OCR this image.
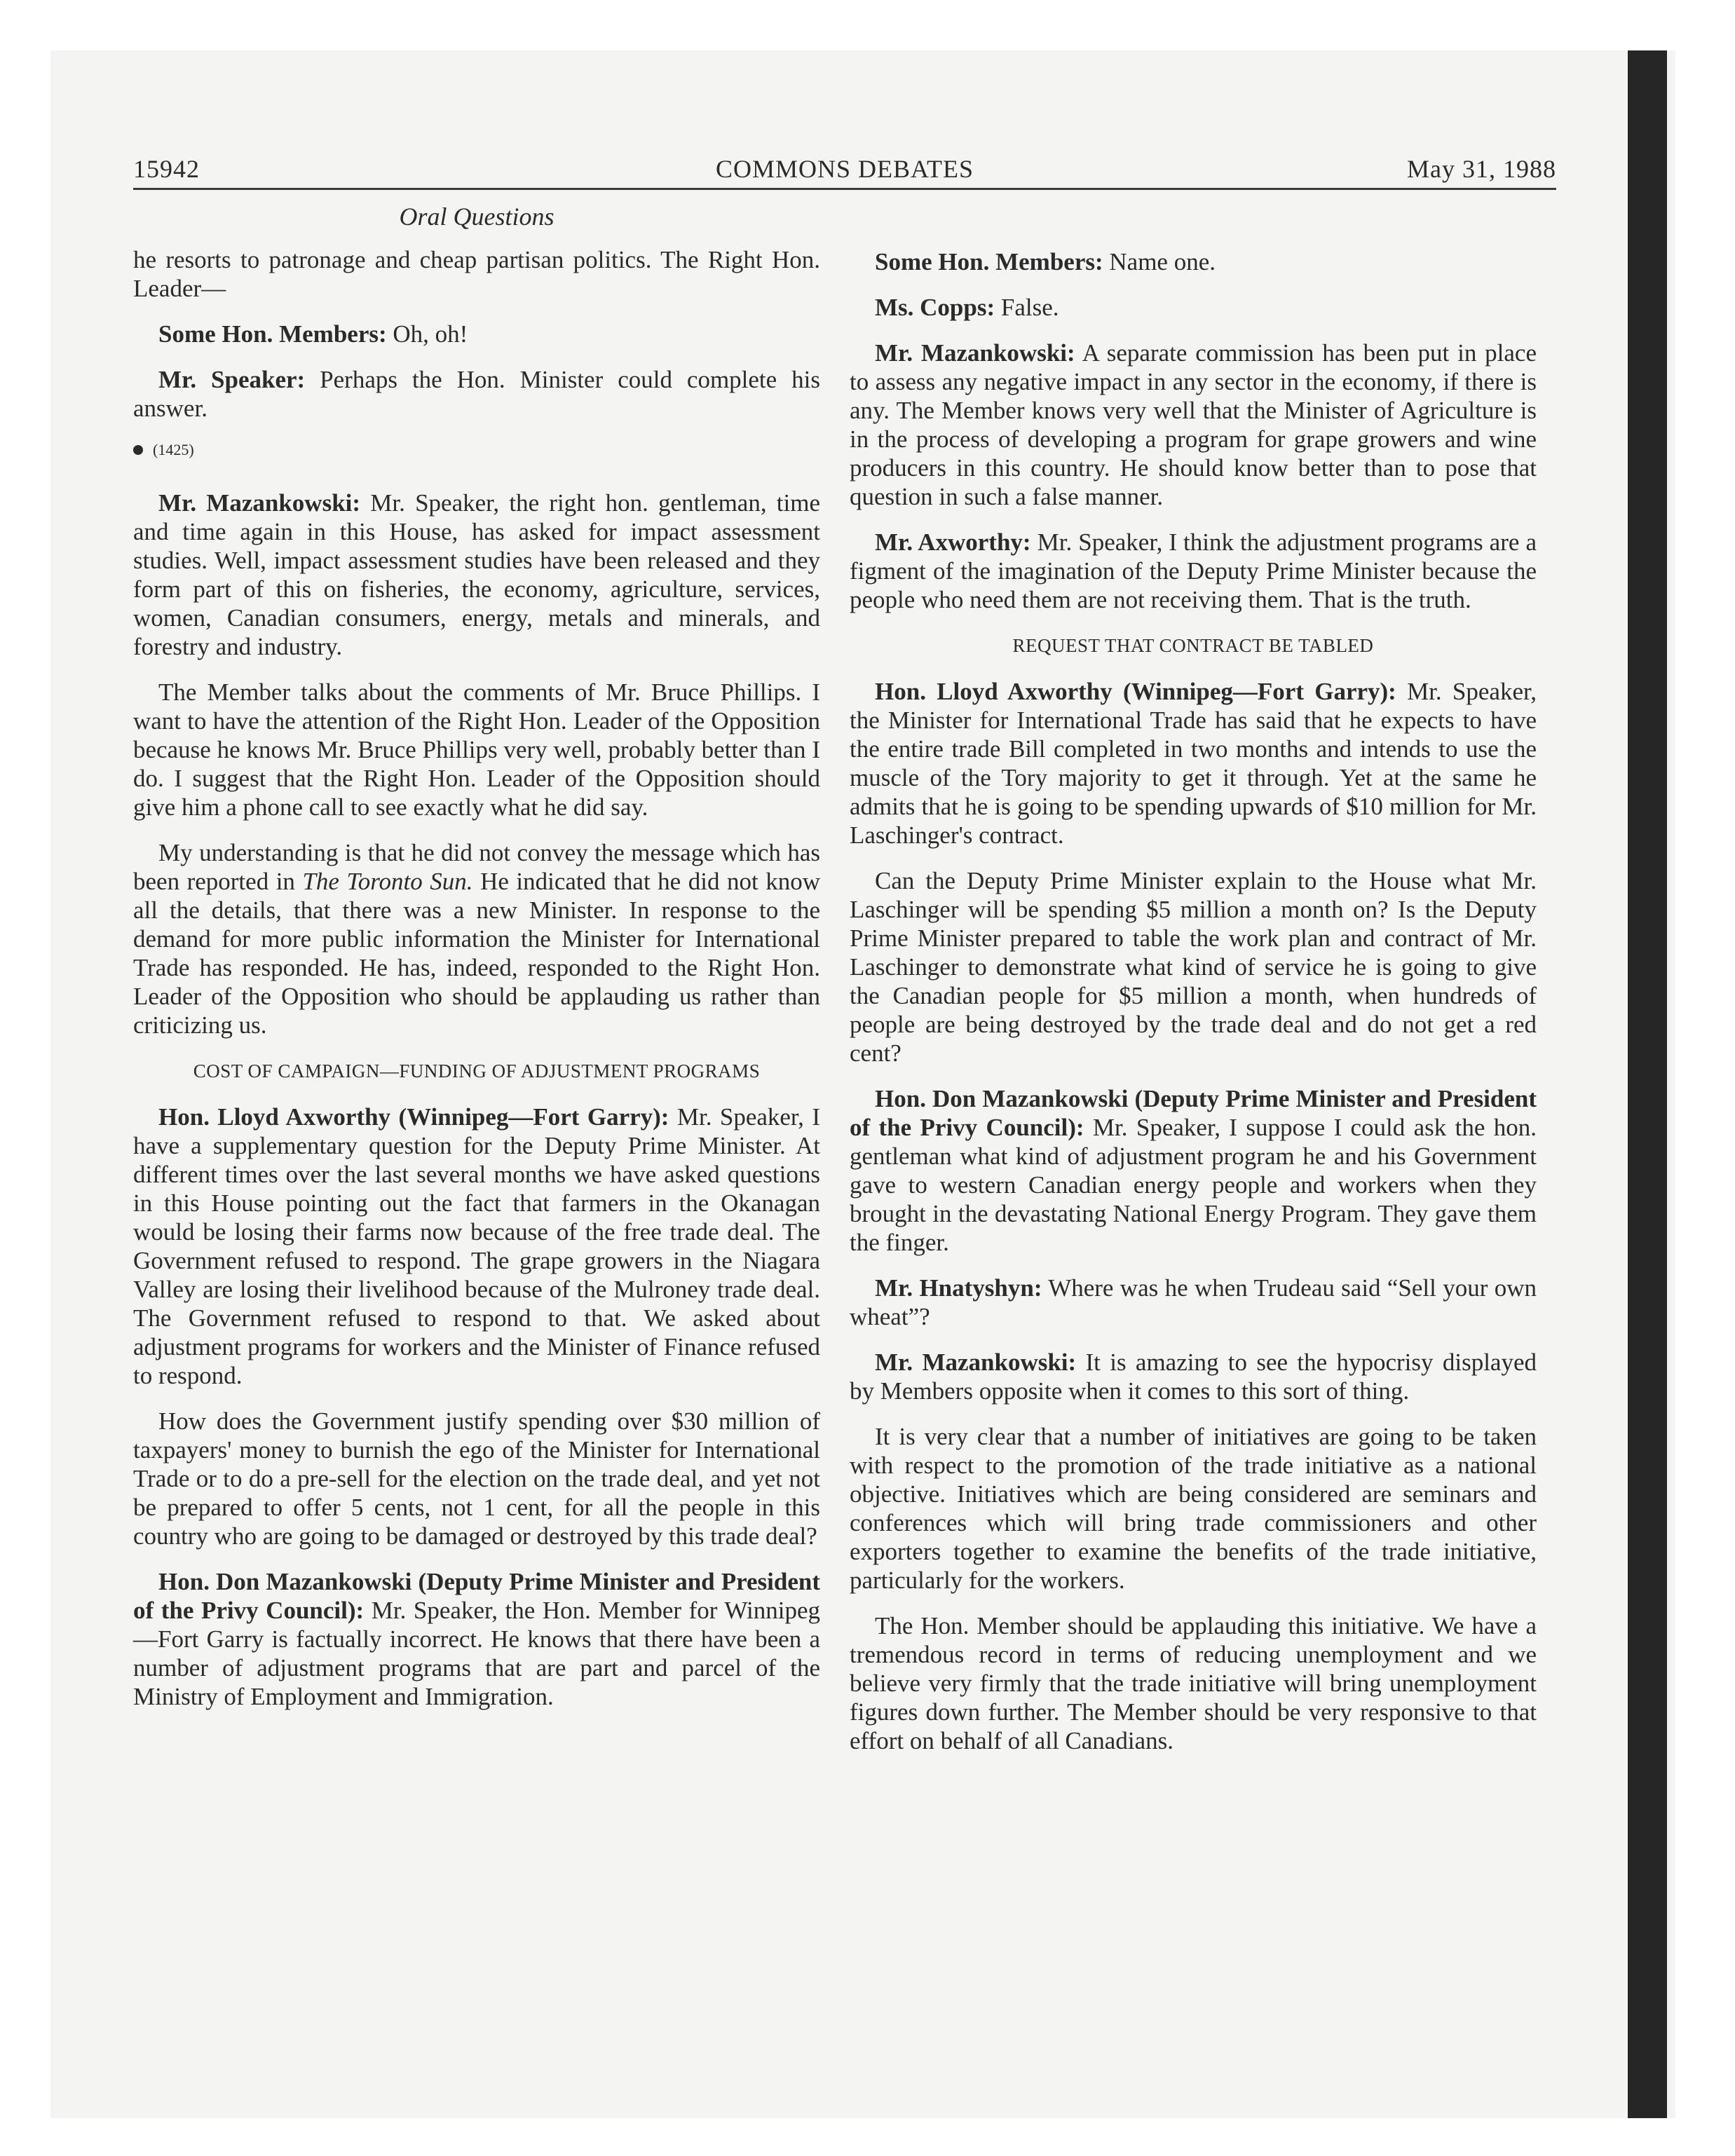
15942	COMMONS DEBATES	May 31, 1988
Oral Questions

he resorts to patronage and cheap partisan politics. The Right Hon. Leader—

Some Hon. Members: Oh, oh!

Mr. Speaker: Perhaps the Hon. Minister could complete his answer.

(1425)

Mr. Mazankowski: Mr. Speaker, the right hon. gentleman, time and time again in this House, has asked for impact assessment studies. Well, impact assessment studies have been released and they form part of this on fisheries, the economy, agriculture, services, women, Canadian consumers, energy, metals and minerals, and forestry and industry.

The Member talks about the comments of Mr. Bruce Phillips. I want to have the attention of the Right Hon. Leader of the Opposition because he knows Mr. Bruce Phillips very well, probably better than I do. I suggest that the Right Hon. Leader of the Opposition should give him a phone call to see exactly what he did say.

My understanding is that he did not convey the message which has been reported in The Toronto Sun. He indicated that he did not know all the details, that there was a new Minister. In response to the demand for more public information the Minister for International Trade has responded. He has, indeed, responded to the Right Hon. Leader of the Opposition who should be applauding us rather than criticizing us.

COST OF CAMPAIGN—FUNDING OF ADJUSTMENT PROGRAMS

Hon. Lloyd Axworthy (Winnipeg—Fort Garry): Mr. Speaker, I have a supplementary question for the Deputy Prime Minister. At different times over the last several months we have asked questions in this House pointing out the fact that farmers in the Okanagan would be losing their farms now because of the free trade deal. The Government refused to respond. The grape growers in the Niagara Valley are losing their livelihood because of the Mulroney trade deal. The Government refused to respond to that. We asked about adjustment programs for workers and the Minister of Finance refused to respond.

How does the Government justify spending over $30 million of taxpayers' money to burnish the ego of the Minister for International Trade or to do a pre-sell for the election on the trade deal, and yet not be prepared to offer 5 cents, not 1 cent, for all the people in this country who are going to be damaged or destroyed by this trade deal?

Hon. Don Mazankowski (Deputy Prime Minister and President of the Privy Council): Mr. Speaker, the Hon. Member for Winnipeg—Fort Garry is factually incorrect. He knows that there have been a number of adjustment programs that are part and parcel of the Ministry of Employment and Immigration.

Some Hon. Members: Name one.

Ms. Copps: False.

Mr. Mazankowski: A separate commission has been put in place to assess any negative impact in any sector in the economy, if there is any. The Member knows very well that the Minister of Agriculture is in the process of developing a program for grape growers and wine producers in this country. He should know better than to pose that question in such a false manner.

Mr. Axworthy: Mr. Speaker, I think the adjustment programs are a figment of the imagination of the Deputy Prime Minister because the people who need them are not receiving them. That is the truth.

REQUEST THAT CONTRACT BE TABLED

Hon. Lloyd Axworthy (Winnipeg—Fort Garry): Mr. Speaker, the Minister for International Trade has said that he expects to have the entire trade Bill completed in two months and intends to use the muscle of the Tory majority to get it through. Yet at the same he admits that he is going to be spending upwards of $10 million for Mr. Laschinger's contract.

Can the Deputy Prime Minister explain to the House what Mr. Laschinger will be spending $5 million a month on? Is the Deputy Prime Minister prepared to table the work plan and contract of Mr. Laschinger to demonstrate what kind of service he is going to give the Canadian people for $5 million a month, when hundreds of people are being destroyed by the trade deal and do not get a red cent?

Hon. Don Mazankowski (Deputy Prime Minister and President of the Privy Council): Mr. Speaker, I suppose I could ask the hon. gentleman what kind of adjustment program he and his Government gave to western Canadian energy people and workers when they brought in the devastating National Energy Program. They gave them the finger.

Mr. Hnatyshyn: Where was he when Trudeau said “Sell your own wheat”?

Mr. Mazankowski: It is amazing to see the hypocrisy displayed by Members opposite when it comes to this sort of thing.

It is very clear that a number of initiatives are going to be taken with respect to the promotion of the trade initiative as a national objective. Initiatives which are being considered are seminars and conferences which will bring trade commissioners and other exporters together to examine the benefits of the trade initiative, particularly for the workers.

The Hon. Member should be applauding this initiative. We have a tremendous record in terms of reducing unemployment and we believe very firmly that the trade initiative will bring unemployment figures down further. The Member should be very responsive to that effort on behalf of all Canadians.
